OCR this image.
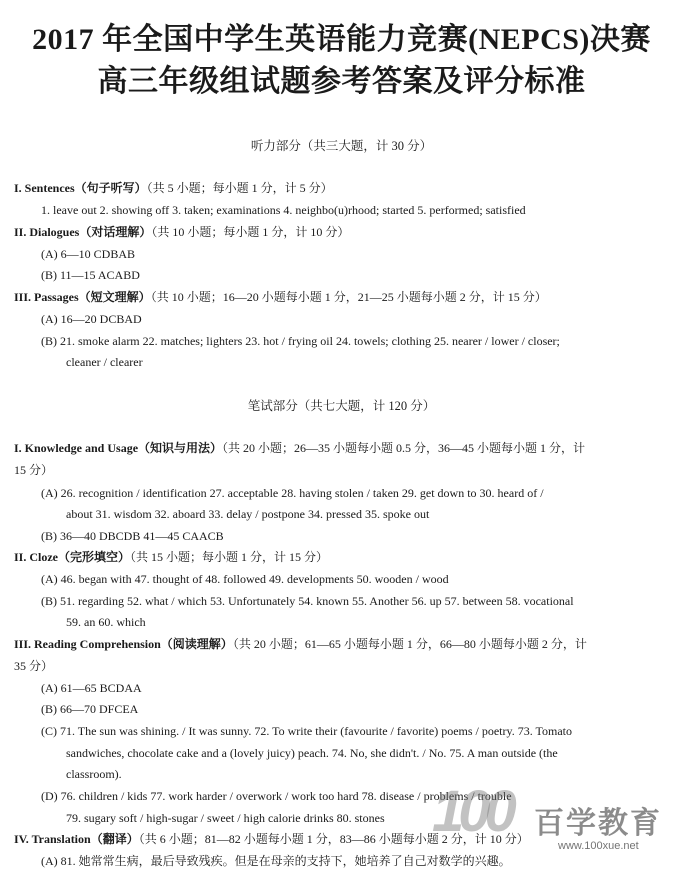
2017 年全国中学生英语能力竞赛(NEPCS)决赛
高三年级组试题参考答案及评分标准
听力部分（共三大题，计 30 分）
I. Sentences（句子听写）（共 5 小题；每小题 1 分，计 5 分）
1. leave out 2. showing off 3. taken; examinations 4. neighbo(u)rhood; started 5. performed; satisfied
II. Dialogues（对话理解）（共 10 小题；每小题 1 分，计 10 分）
(A) 6—10 CDBAB
(B) 11—15 ACABD
III. Passages（短文理解）（共 10 小题；16—20 小题每小题 1 分，21—25 小题每小题 2 分，计 15 分）
(A) 16—20 DCBAD
(B) 21. smoke alarm 22. matches; lighters 23. hot / frying oil 24. towels; clothing 25. nearer / lower / closer;
cleaner / clearer
笔试部分（共七大题，计 120 分）
I. Knowledge and Usage（知识与用法）（共 20 小题；26—35 小题每小题 0.5 分，36—45 小题每小题 1 分，计
15 分）
(A) 26. recognition / identification 27. acceptable 28. having stolen / taken 29. get down to 30. heard of /
about 31. wisdom 32. aboard 33. delay / postpone 34. pressed 35. spoke out
(B) 36—40 DBCDB 41—45 CAACB
II. Cloze（完形填空）（共 15 小题；每小题 1 分，计 15 分）
(A) 46. began with 47. thought of 48. followed 49. developments 50. wooden / wood
(B) 51. regarding 52. what / which 53. Unfortunately 54. known 55. Another 56. up 57. between 58. vocational
59. an 60. which
III. Reading Comprehension（阅读理解）（共 20 小题；61—65 小题每小题 1 分，66—80 小题每小题 2 分，计
35 分）
(A) 61—65 BCDAA
(B) 66—70 DFCEA
(C) 71. The sun was shining. / It was sunny. 72. To write their (favourite / favorite) poems / poetry. 73. Tomato
sandwiches, chocolate cake and a (lovely juicy) peach. 74. No, she didn't. / No. 75. A man outside (the
classroom).
(D) 76. children / kids 77. work harder / overwork / work too hard 78. disease / problems / trouble
79. sugary soft / high-sugar / sweet / high calorie drinks 80. stones
IV. Translation（翻译）（共 6 小题；81—82 小题每小题 1 分，83—86 小题每小题 2 分，计 10 分）
(A) 81. 她常常生病，最后导致残疾。但是在母亲的支持下，她培养了自己对数学的兴趣。
100 百学教育
www.100xue.net
